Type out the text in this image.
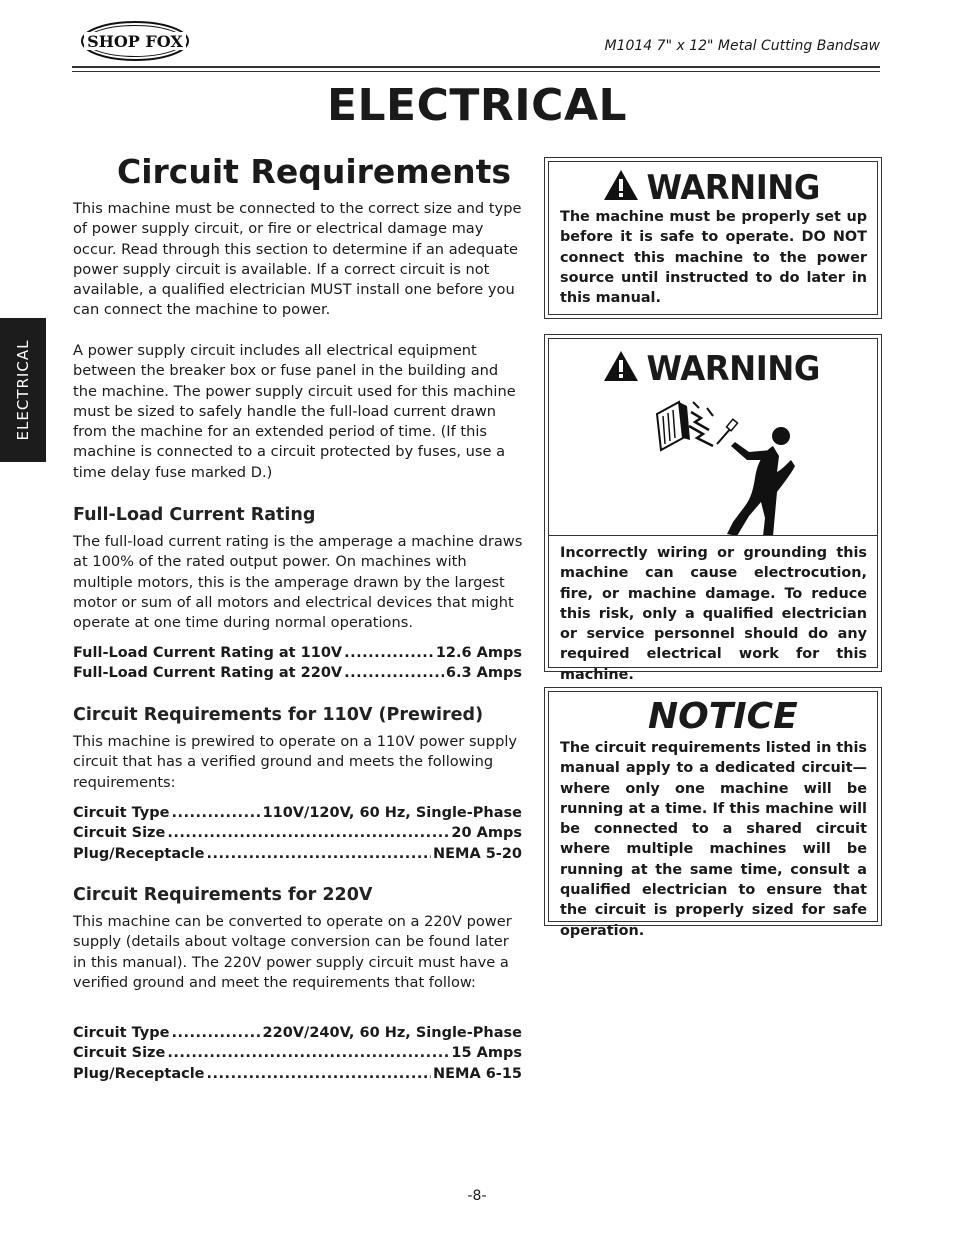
SHOP FOX	M1014 7" x 12" Metal Cutting Bandsaw
ELECTRICAL
ELECTRICAL
Circuit Requirements

This machine must be connected to the correct size and type of power supply circuit, or fire or electrical damage may occur. Read through this section to determine if an adequate power supply circuit is available. If a correct circuit is not available, a qualified electrician MUST install one before you can connect the machine to power.

A power supply circuit includes all electrical equipment between the breaker box or fuse panel in the building and the machine. The power supply circuit used for this machine must be sized to safely handle the full-load current drawn from the machine for an extended period of time. (If this machine is connected to a circuit protected by fuses, use a time delay fuse marked D.)

Full-Load Current Rating

The full-load current rating is the amperage a machine draws at 100% of the rated output power. On machines with multiple motors, this is the amperage drawn by the largest motor or sum of all motors and electrical devices that might operate at one time during normal operations.

Full-Load Current Rating at 110V .....	12.6 Amps
Full-Load Current Rating at 220V .....	6.3 Amps
Circuit Requirements for 110V (Prewired)

This machine is prewired to operate on a 110V power supply circuit that has a verified ground and meets the following requirements:

Circuit Type .....	110V/120V, 60 Hz, Single-Phase
Circuit Size .....	20 Amps
Plug/Receptacle .....	NEMA 5-20
Circuit Requirements for 220V

This machine can be converted to operate on a 220V power supply (details about voltage conversion can be found later in this manual). The 220V power supply circuit must have a verified ground and meet the requirements that follow:

Circuit Type .....	220V/240V, 60 Hz, Single-Phase
Circuit Size .....	15 Amps
Plug/Receptacle .....	NEMA 6-15
WARNING

The machine must be properly set up before it is safe to operate. DO NOT connect this machine to the power source until instructed to do later in this manual.

WARNING

Incorrectly wiring or grounding this machine can cause electrocution, fire, or machine damage. To reduce this risk, only a qualified electrician or service personnel should do any required electrical work for this machine.

NOTICE

The circuit requirements listed in this manual apply to a dedicated circuit—where only one machine will be running at a time. If this machine will be connected to a shared circuit where multiple machines will be running at the same time, consult a qualified electrician to ensure that the circuit is properly sized for safe operation.

-8-
